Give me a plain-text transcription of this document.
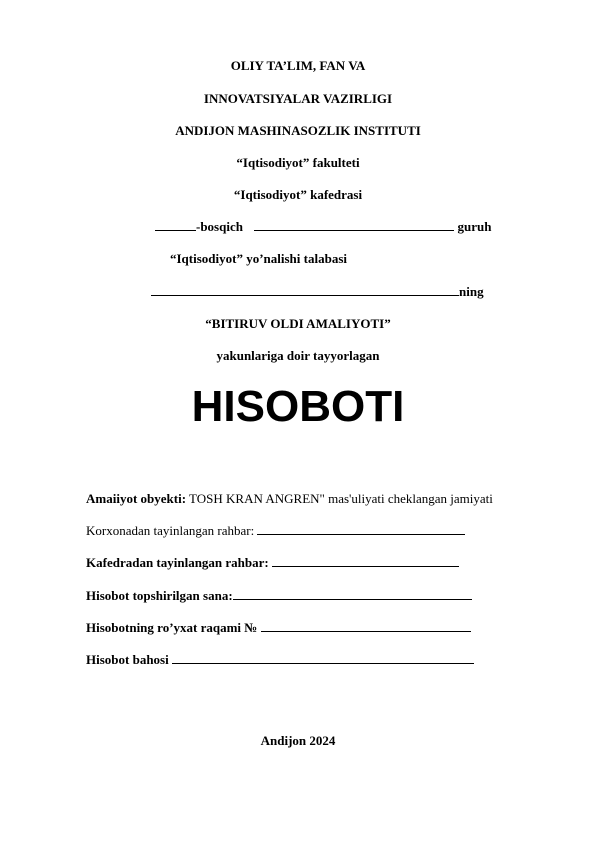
OLIY TA’LIM, FAN VA
INNOVATSIYALAR VAZIRLIGI
ANDIJON MASHINASOZLIK INSTITUTI
“Iqtisodiyot” fakulteti
“Iqtisodiyot” kafedrasi
-bosqich	guruh
“Iqtisodiyot” yo’nalishi talabasi
ning
“BITIRUV OLDI AMALIYOTI”
yakunlariga doir tayyorlagan
HISOBOTI
Amaiiyot obyekti: TOSH KRAN ANGREN" mas'uliyati cheklangan jamiyati
Korxonadan tayinlangan rahbar:
Kafedradan tayinlangan rahbar:
Hisobot topshirilgan sana:
Hisobotning ro’yxat raqami №
Hisobot bahosi
Andijon 2024
